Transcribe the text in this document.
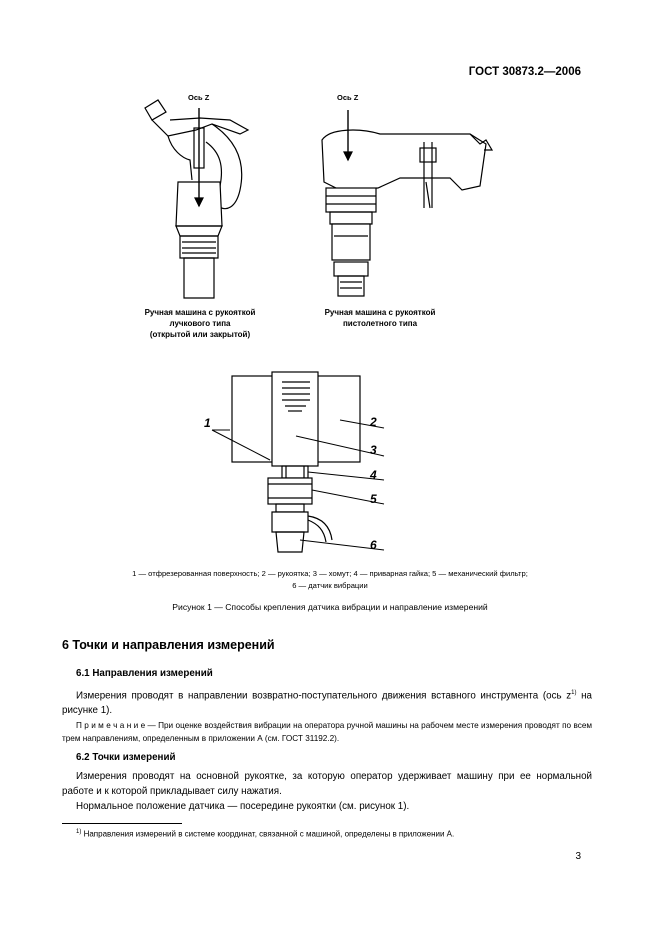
ГОСТ 30873.2—2006
Ось Z	Ось Z
1	2
3
4
5
6
Ручная машина с рукояткой
лучкового типа
(открытой или закрытой)
Ручная машина с рукояткой
пистолетного типа
1 — отфрезерованная поверхность; 2 — рукоятка; 3 — хомут; 4 — приварная гайка; 5 — механический фильтр;
6 — датчик вибрации
Рисунок 1 — Способы крепления датчика вибрации и направление измерений
6 Точки и направления измерений
6.1 Направления измерений
Измерения проводят в направлении возвратно-поступательного движения вставного инструмента (ось $z^{1)}$ на рисунке 1).
П р и м е ч а н и е — При оценке воздействия вибрации на оператора ручной машины на рабочем месте измерения проводят по всем трем направлениям, определенным в приложении А (см. ГОСТ 31192.2).
6.2 Точки измерений
Измерения проводят на основной рукоятке, за которую оператор удерживает машину при ее нормальной работе и к которой прикладывает силу нажатия.
Нормальное положение датчика — посередине рукоятки (см. рисунок 1).
$^{1)}$ Направления измерений в системе координат, связанной с машиной, определены в приложении А.
3
